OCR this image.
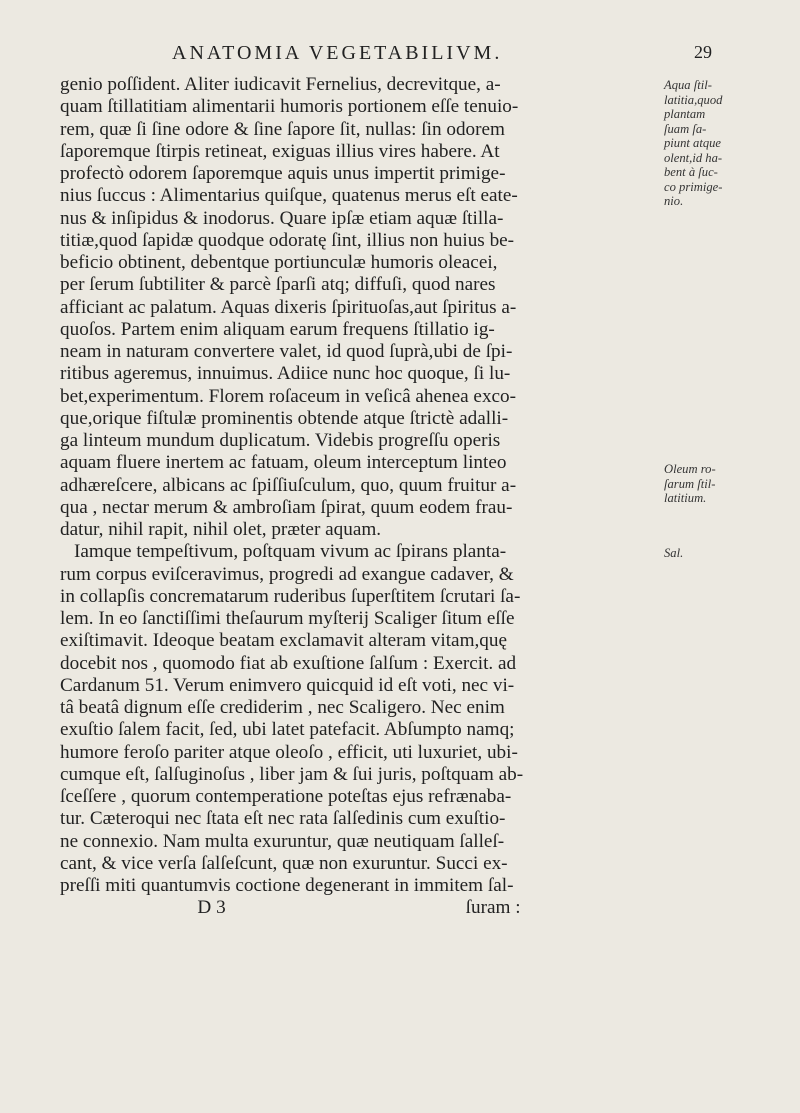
ANATOMIA VEGETABILIVM.	29
genio poſſident. Aliter iudicavit Fernelius, decrevitque, a-
quam ſtillatitiam alimentarii humoris portionem eſſe tenuio-
rem, quæ ſi ſine odore & ſine ſapore ſit, nullas: ſin odorem
ſaporemque ſtirpis retineat, exiguas illius vires habere. At
profectò odorem ſaporemque aquis unus impertit primige-
nius ſuccus : Alimentarius quiſque, quatenus merus eſt eate-
nus & inſipidus & inodorus. Quare ipſæ etiam aquæ ſtilla-
titiæ,quod ſapidæ quodque odoratę ſint, illius non huius be-
beficio obtinent, debentque portiunculæ humoris oleacei,
per ſerum ſubtiliter & parcè ſparſi atq; diffuſi, quod nares
afficiant ac palatum. Aquas dixeris ſpirituoſas,aut ſpiritus a-
quoſos. Partem enim aliquam earum frequens ſtillatio ig-
neam in naturam convertere valet, id quod ſuprà,ubi de ſpi-
ritibus ageremus, innuimus. Adiice nunc hoc quoque, ſi lu-
bet,experimentum. Florem roſaceum in veſicâ ahenea exco-
que,orique fiſtulæ prominentis obtende atque ſtrictè adalli-
ga linteum mundum duplicatum. Videbis progreſſu operis
aquam fluere inertem ac fatuam, oleum interceptum linteo
adhæreſcere, albicans ac ſpiſſiuſculum, quo, quum fruitur a-
qua , nectar merum & ambroſiam ſpirat, quum eodem frau-
datur, nihil rapit, nihil olet, præter aquam.
Iamque tempeſtivum, poſtquam vivum ac ſpirans planta-
rum corpus eviſceravimus, progredi ad exangue cadaver, &
in collapſis concrematarum ruderibus ſuperſtitem ſcrutari ſa-
lem. In eo ſanctiſſimi theſaurum myſterij Scaliger ſitum eſſe
exiſtimavit. Ideoque beatam exclamavit alteram vitam,quę
docebit nos , quomodo fiat ab exuſtione ſalſum : Exercit. ad
Cardanum 51. Verum enimvero quicquid id eſt voti, nec vi-
tâ beatâ dignum eſſe crediderim , nec Scaligero. Nec enim
exuſtio ſalem facit, ſed, ubi latet patefacit. Abſumpto namq;
humore feroſo pariter atque oleoſo , efficit, uti luxuriet, ubi-
cumque eſt, ſalſuginoſus , liber jam & ſui juris, poſtquam ab-
ſceſſere , quorum contemperatione poteſtas ejus refrænaba-
tur. Cæteroqui nec ſtata eſt nec rata ſalſedinis cum exuſtio-
ne connexio. Nam multa exuruntur, quæ neutiquam ſalleſ-
cant, & vice verſa ſalſeſcunt, quæ non exuruntur. Succi ex-
preſſi miti quantumvis coctione degenerant in immitem ſal-
D 3	ſuram :
Aqua ſtil-
latitia,quod
plantam
ſuam ſa-
piunt atque
olent,id ha-
bent à ſuc-
co primige-
nio.
Oleum ro-
ſarum ſtil-
latitium.
Sal.
